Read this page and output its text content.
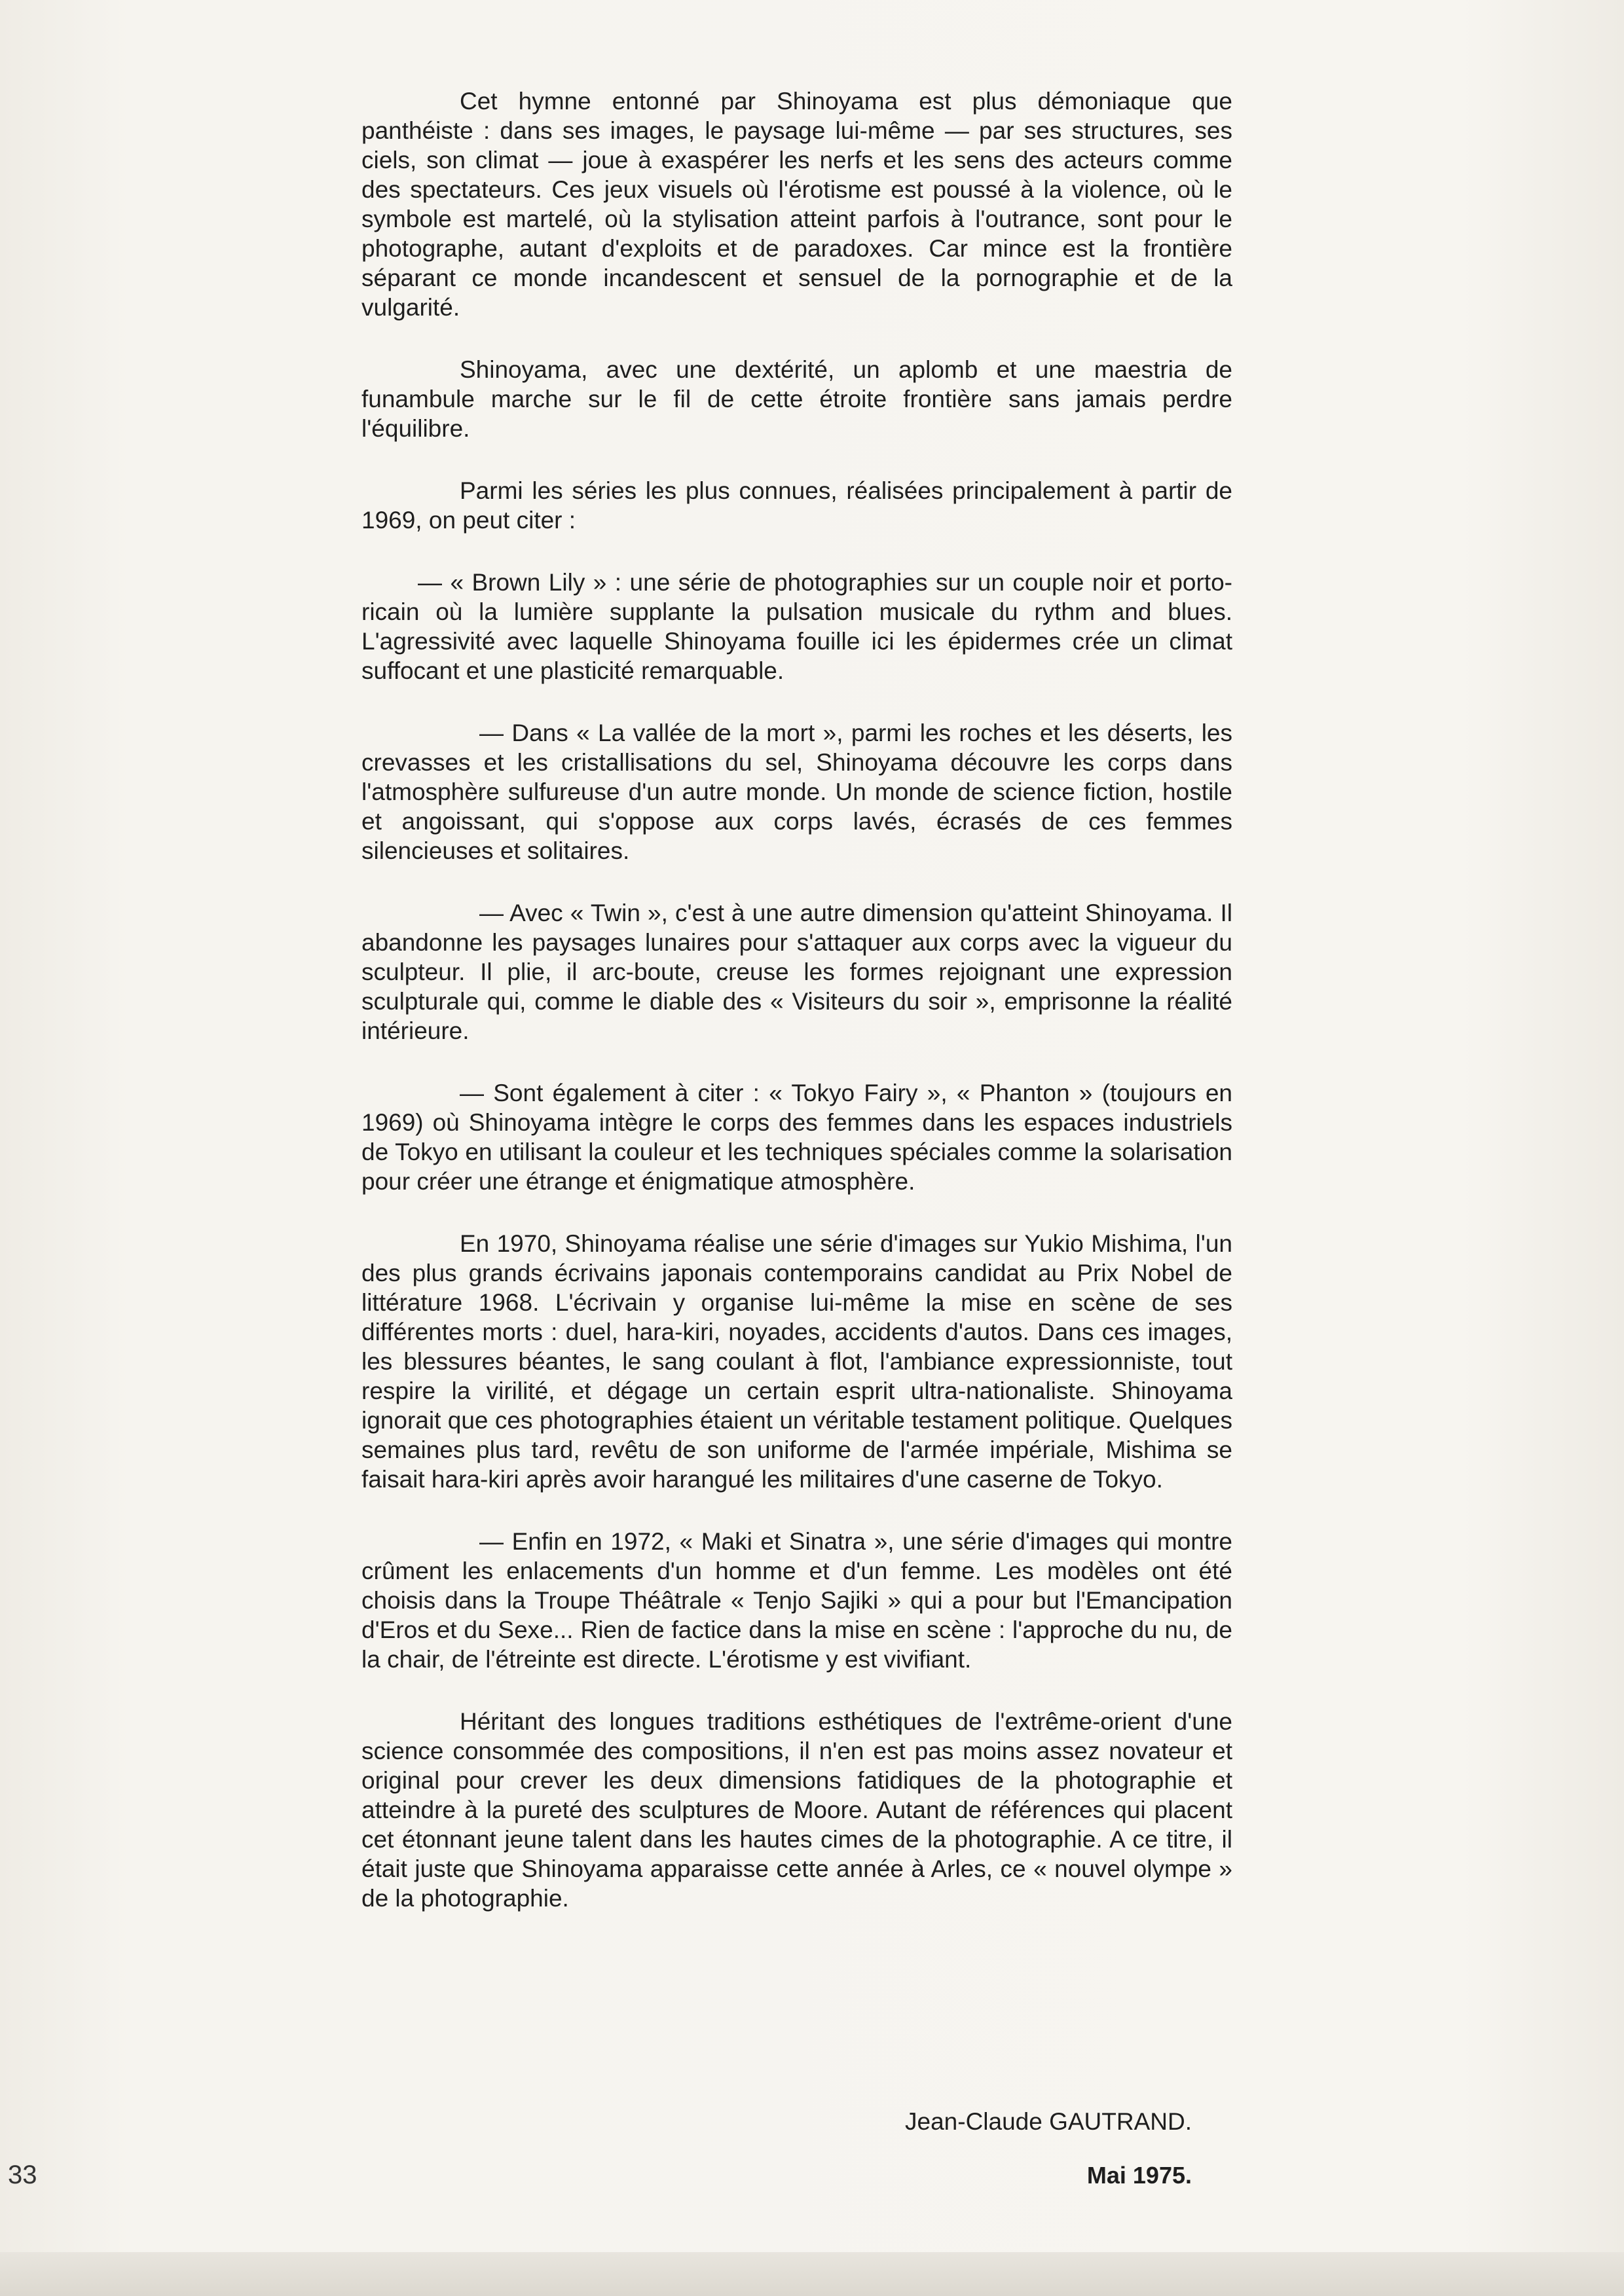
Cet hymne entonné par Shinoyama est plus démoniaque que panthéiste : dans ses images, le paysage lui-même — par ses structures, ses ciels, son climat — joue à exaspérer les nerfs et les sens des acteurs comme des spectateurs. Ces jeux visuels où l'érotisme est poussé à la violence, où le symbole est martelé, où la stylisation atteint parfois à l'outrance, sont pour le photographe, autant d'exploits et de paradoxes. Car mince est la frontière séparant ce monde incandescent et sensuel de la pornographie et de la vulgarité.

Shinoyama, avec une dextérité, un aplomb et une maestria de funambule marche sur le fil de cette étroite frontière sans jamais perdre l'équilibre.

Parmi les séries les plus connues, réalisées principalement à partir de 1969, on peut citer :

— « Brown Lily » : une série de photographies sur un couple noir et porto-ricain où la lumière supplante la pulsation musicale du rythm and blues. L'agressivité avec laquelle Shinoyama fouille ici les épidermes crée un climat suffocant et une plasticité remarquable.

— Dans « La vallée de la mort », parmi les roches et les déserts, les crevasses et les cristallisations du sel, Shinoyama découvre les corps dans l'atmosphère sulfureuse d'un autre monde. Un monde de science fiction, hostile et angoissant, qui s'oppose aux corps lavés, écrasés de ces femmes silencieuses et solitaires.

— Avec « Twin », c'est à une autre dimension qu'atteint Shinoyama. Il abandonne les paysages lunaires pour s'attaquer aux corps avec la vigueur du sculpteur. Il plie, il arc-boute, creuse les formes rejoignant une expression sculpturale qui, comme le diable des « Visiteurs du soir », emprisonne la réalité intérieure.

— Sont également à citer : « Tokyo Fairy », « Phanton » (toujours en 1969) où Shinoyama intègre le corps des femmes dans les espaces industriels de Tokyo en utilisant la couleur et les techniques spéciales comme la solarisation pour créer une étrange et énigmatique atmosphère.

En 1970, Shinoyama réalise une série d'images sur Yukio Mishima, l'un des plus grands écrivains japonais contemporains candidat au Prix Nobel de littérature 1968. L'écrivain y organise lui-même la mise en scène de ses différentes morts : duel, hara-kiri, noyades, accidents d'autos. Dans ces images, les blessures béantes, le sang coulant à flot, l'ambiance expressionniste, tout respire la virilité, et dégage un certain esprit ultra-nationaliste. Shinoyama ignorait que ces photographies étaient un véritable testament politique. Quelques semaines plus tard, revêtu de son uniforme de l'armée impériale, Mishima se faisait hara-kiri après avoir harangué les militaires d'une caserne de Tokyo.

— Enfin en 1972, « Maki et Sinatra », une série d'images qui montre crûment les enlacements d'un homme et d'un femme. Les modèles ont été choisis dans la Troupe Théâtrale « Tenjo Sajiki » qui a pour but l'Emancipation d'Eros et du Sexe... Rien de factice dans la mise en scène : l'approche du nu, de la chair, de l'étreinte est directe. L'érotisme y est vivifiant.

Héritant des longues traditions esthétiques de l'extrême-orient d'une science consommée des compositions, il n'en est pas moins assez novateur et original pour crever les deux dimensions fatidiques de la photographie et atteindre à la pureté des sculptures de Moore. Autant de références qui placent cet étonnant jeune talent dans les hautes cimes de la photographie. A ce titre, il était juste que Shinoyama apparaisse cette année à Arles, ce « nouvel olympe » de la photographie.

Jean-Claude GAUTRAND.
Mai 1975.
33
